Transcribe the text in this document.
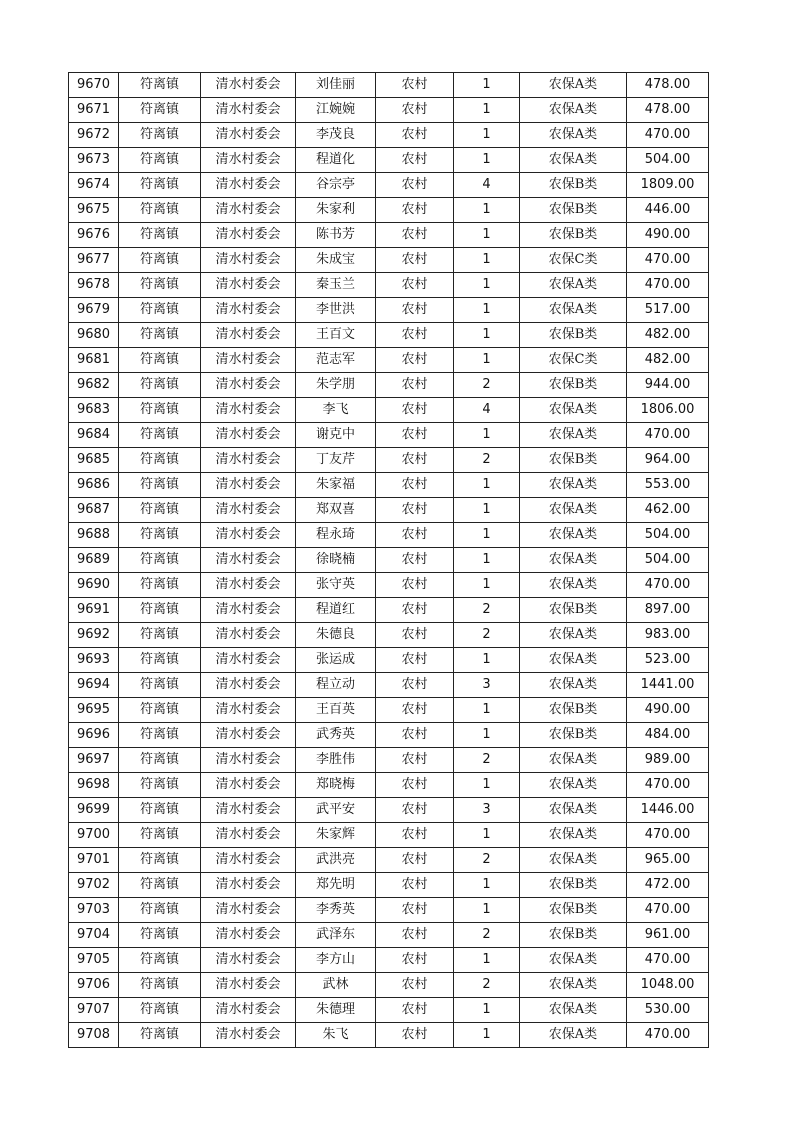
9670	符离镇	清水村委会	刘佳丽	农村	1	农保A类	478.00
9671	符离镇	清水村委会	江婉婉	农村	1	农保A类	478.00
9672	符离镇	清水村委会	李茂良	农村	1	农保A类	470.00
9673	符离镇	清水村委会	程道化	农村	1	农保A类	504.00
9674	符离镇	清水村委会	谷宗亭	农村	4	农保B类	1809.00
9675	符离镇	清水村委会	朱家利	农村	1	农保B类	446.00
9676	符离镇	清水村委会	陈书芳	农村	1	农保B类	490.00
9677	符离镇	清水村委会	朱成宝	农村	1	农保C类	470.00
9678	符离镇	清水村委会	秦玉兰	农村	1	农保A类	470.00
9679	符离镇	清水村委会	李世洪	农村	1	农保A类	517.00
9680	符离镇	清水村委会	王百文	农村	1	农保B类	482.00
9681	符离镇	清水村委会	范志军	农村	1	农保C类	482.00
9682	符离镇	清水村委会	朱学朋	农村	2	农保B类	944.00
9683	符离镇	清水村委会	李飞	农村	4	农保A类	1806.00
9684	符离镇	清水村委会	谢克中	农村	1	农保A类	470.00
9685	符离镇	清水村委会	丁友芹	农村	2	农保B类	964.00
9686	符离镇	清水村委会	朱家福	农村	1	农保A类	553.00
9687	符离镇	清水村委会	郑双喜	农村	1	农保A类	462.00
9688	符离镇	清水村委会	程永琦	农村	1	农保A类	504.00
9689	符离镇	清水村委会	徐晓楠	农村	1	农保A类	504.00
9690	符离镇	清水村委会	张守英	农村	1	农保A类	470.00
9691	符离镇	清水村委会	程道红	农村	2	农保B类	897.00
9692	符离镇	清水村委会	朱德良	农村	2	农保A类	983.00
9693	符离镇	清水村委会	张运成	农村	1	农保A类	523.00
9694	符离镇	清水村委会	程立动	农村	3	农保A类	1441.00
9695	符离镇	清水村委会	王百英	农村	1	农保B类	490.00
9696	符离镇	清水村委会	武秀英	农村	1	农保B类	484.00
9697	符离镇	清水村委会	李胜伟	农村	2	农保A类	989.00
9698	符离镇	清水村委会	郑晓梅	农村	1	农保A类	470.00
9699	符离镇	清水村委会	武平安	农村	3	农保A类	1446.00
9700	符离镇	清水村委会	朱家辉	农村	1	农保A类	470.00
9701	符离镇	清水村委会	武洪亮	农村	2	农保A类	965.00
9702	符离镇	清水村委会	郑先明	农村	1	农保B类	472.00
9703	符离镇	清水村委会	李秀英	农村	1	农保B类	470.00
9704	符离镇	清水村委会	武泽东	农村	2	农保B类	961.00
9705	符离镇	清水村委会	李方山	农村	1	农保A类	470.00
9706	符离镇	清水村委会	武林	农村	2	农保A类	1048.00
9707	符离镇	清水村委会	朱德理	农村	1	农保A类	530.00
9708	符离镇	清水村委会	朱飞	农村	1	农保A类	470.00
